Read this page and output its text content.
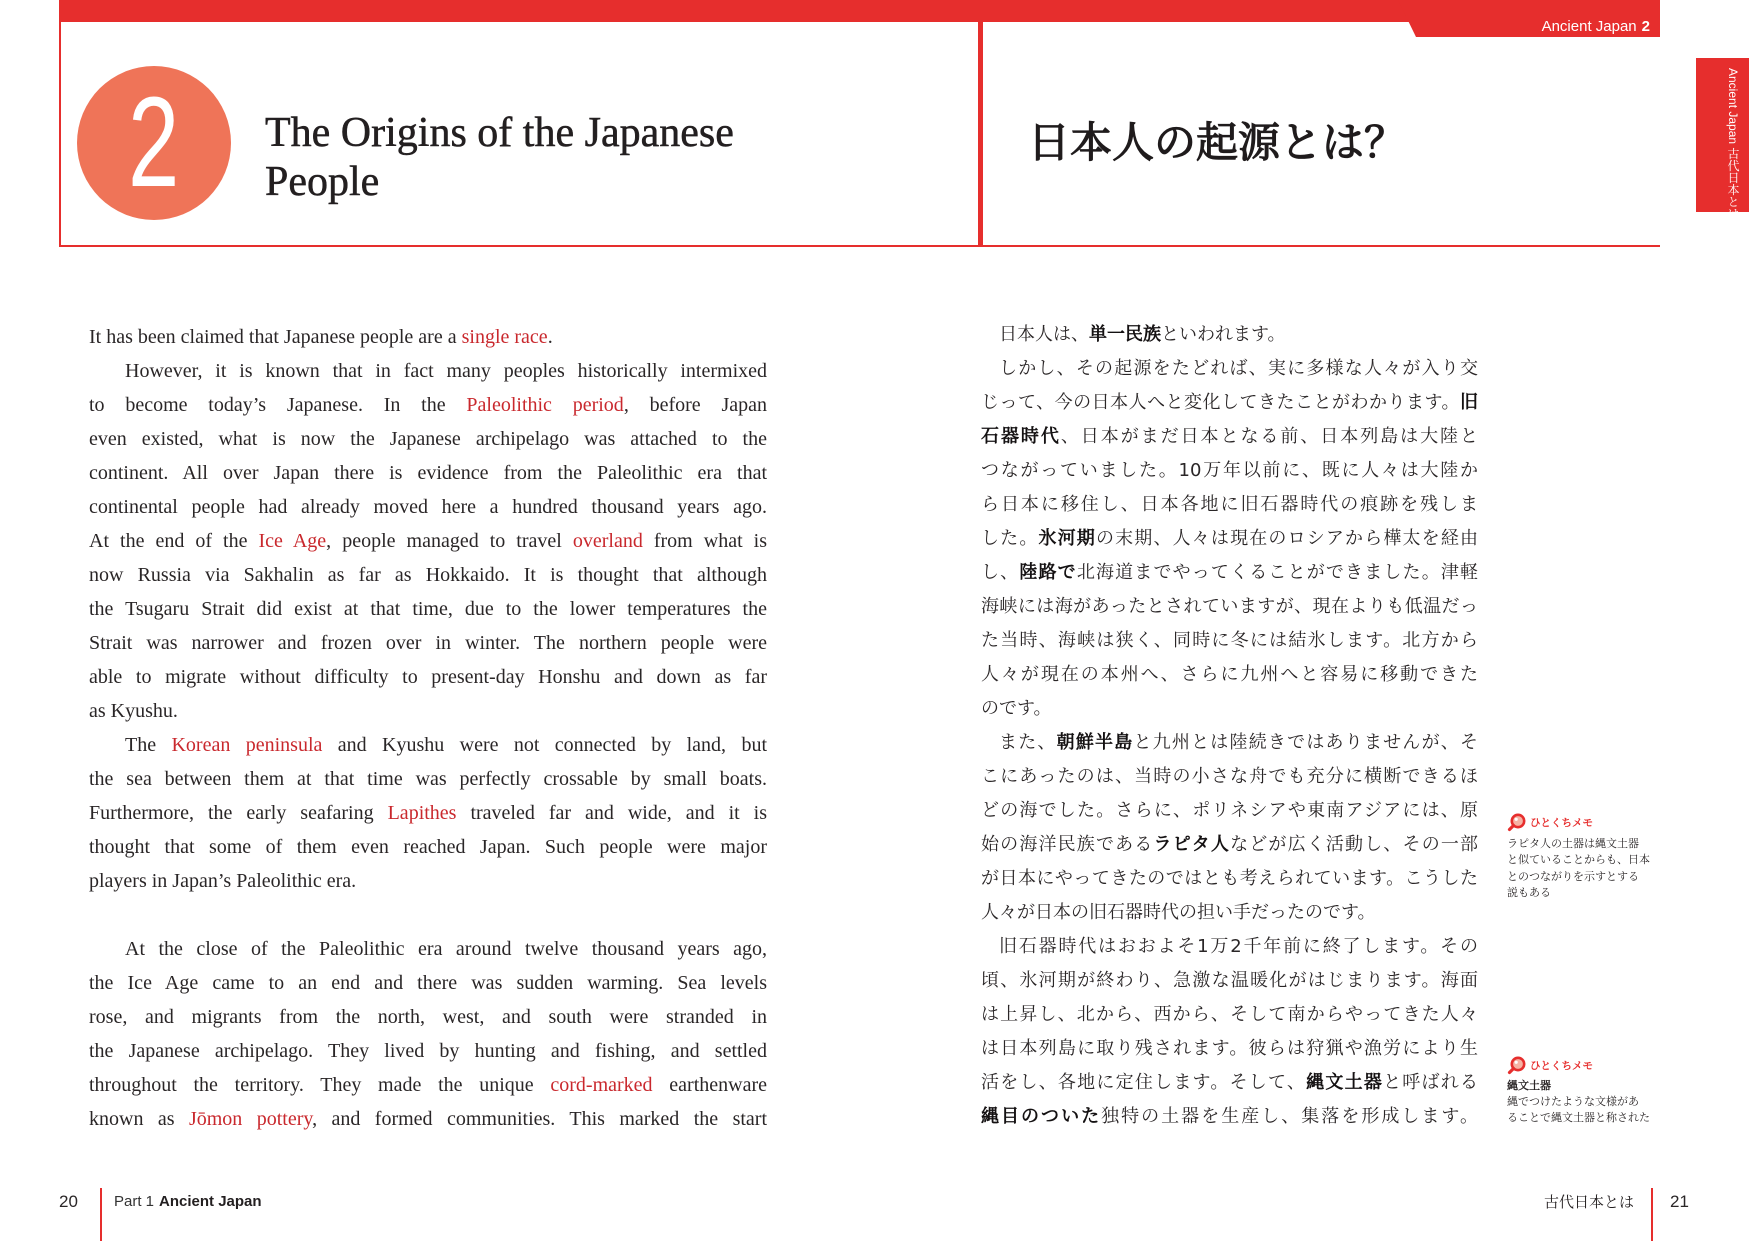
Ancient Japan 2
2	The Origins of the Japanese
People
日本人の起源とは？	Ancient Japan 古代日本とは
It has been claimed that Japanese people are a single race.
However, it is known that in fact many peoples historically intermixed
to become today’s Japanese. In the Paleolithic period, before Japan
even existed, what is now the Japanese archipelago was attached to the
continent. All over Japan there is evidence from the Paleolithic era that
continental people had already moved here a hundred thousand years ago.
At the end of the Ice Age, people managed to travel overland from what is
now Russia via Sakhalin as far as Hokkaido. It is thought that although
the Tsugaru Strait did exist at that time, due to the lower temperatures the
Strait was narrower and frozen over in winter. The northern people were
able to migrate without difficulty to present-day Honshu and down as far
as Kyushu.
The Korean peninsula and Kyushu were not connected by land, but
the sea between them at that time was perfectly crossable by small boats.
Furthermore, the early seafaring Lapithes traveled far and wide, and it is
thought that some of them even reached Japan. Such people were major
players in Japan’s Paleolithic era.
At the close of the Paleolithic era around twelve thousand years ago,
the Ice Age came to an end and there was sudden warming. Sea levels
rose, and migrants from the north, west, and south were stranded in
the Japanese archipelago. They lived by hunting and fishing, and settled
throughout the territory. They made the unique cord-marked earthenware
known as Jōmon pottery, and formed communities. This marked the start
日本人は、単一民族といわれます。
しかし、その起源をたどれば、実に多様な人々が入り交
じって、今の日本人へと変化してきたことがわかります。旧
石器時代、日本がまだ日本となる前、日本列島は大陸と
つながっていました。10万年以前に、既に人々は大陸か
ら日本に移住し、日本各地に旧石器時代の痕跡を残しま
した。氷河期の末期、人々は現在のロシアから樺太を経由
し、陸路で北海道までやってくることができました。津軽
海峡には海があったとされていますが、現在よりも低温だっ
た当時、海峡は狭く、同時に冬には結氷します。北方から
人々が現在の本州へ、さらに九州へと容易に移動できた
のです。
また、朝鮮半島と九州とは陸続きではありませんが、そ
こにあったのは、当時の小さな舟でも充分に横断できるほ
どの海でした。さらに、ポリネシアや東南アジアには、原
始の海洋民族であるラピタ人などが広く活動し、その一部
が日本にやってきたのではとも考えられています。こうした
人々が日本の旧石器時代の担い手だったのです。
旧石器時代はおおよそ1万2千年前に終了します。その
頃、氷河期が終わり、急激な温暖化がはじまります。海面
は上昇し、北から、西から、そして南からやってきた人々
は日本列島に取り残されます。彼らは狩猟や漁労により生
活をし、各地に定住します。そして、縄文土器と呼ばれる
縄目のついた独特の土器を生産し、集落を形成します。
ひとくちメモ
ラピタ人の土器は縄文土器
と似ていることからも、日本
とのつながりを示すとする
説もある
ひとくちメモ
縄文土器
縄でつけたような文様があ
ることで縄文土器と称された
20 Part 1 Ancient Japan	古代日本とは 21
